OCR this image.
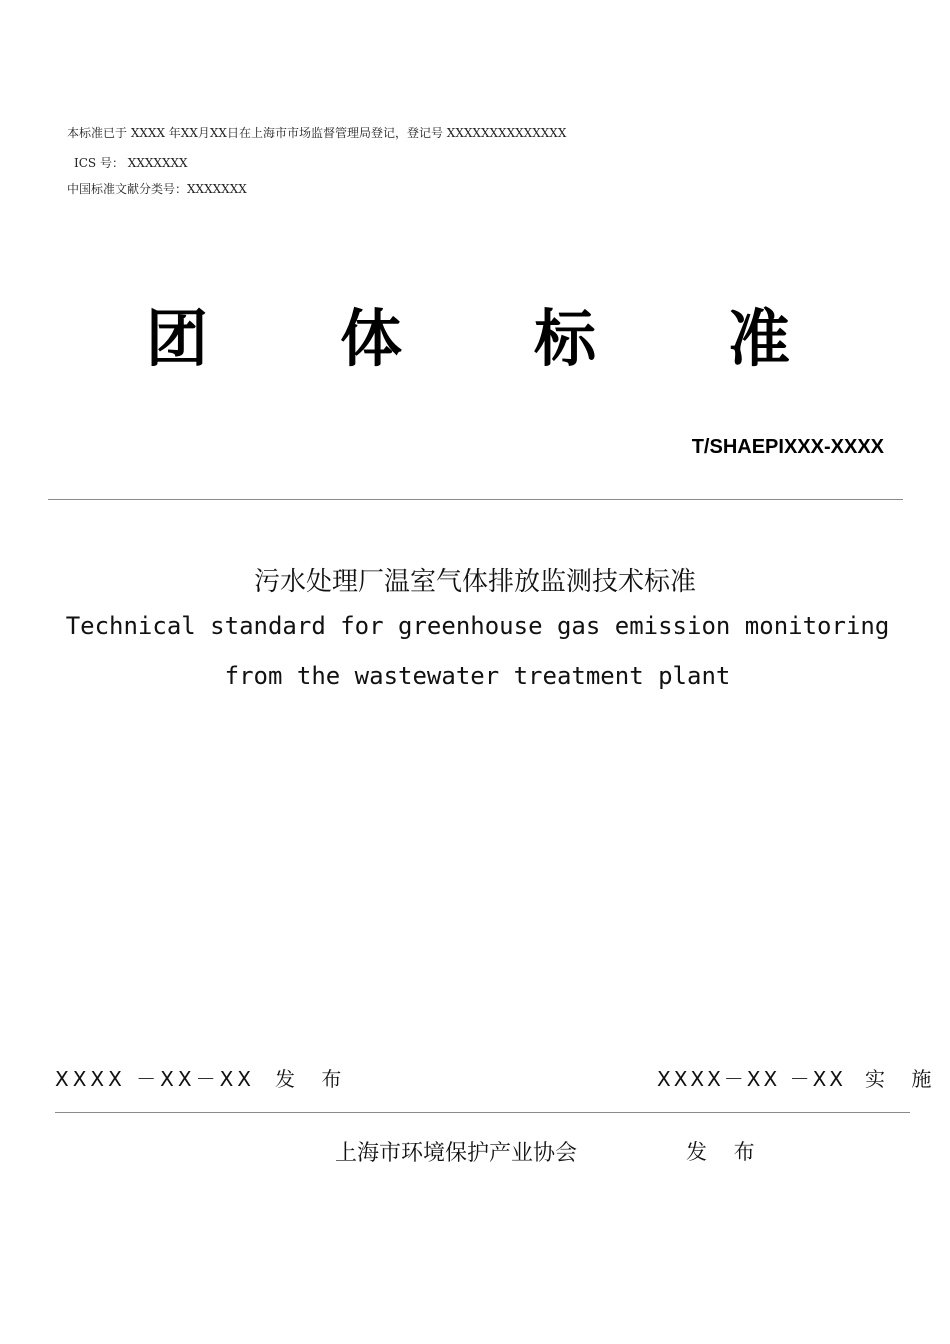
本标准已于 XXXX 年XX月XX日在上海市市场监督管理局登记，登记号 XXXXXXXXXXXXXX
ICS 号： XXXXXXX
中国标准文献分类号：XXXXXXX
团 体 标 准
T/SHAEPIXXX-XXXX
污水处理厂温室气体排放监测技术标准
Technical standard for greenhouse gas emission monitoring
from the wastewater treatment plant
XXXX －XX－XX 发 布	XXXX－XX －XX 实 施
上海市环境保护产业协会	发 布
